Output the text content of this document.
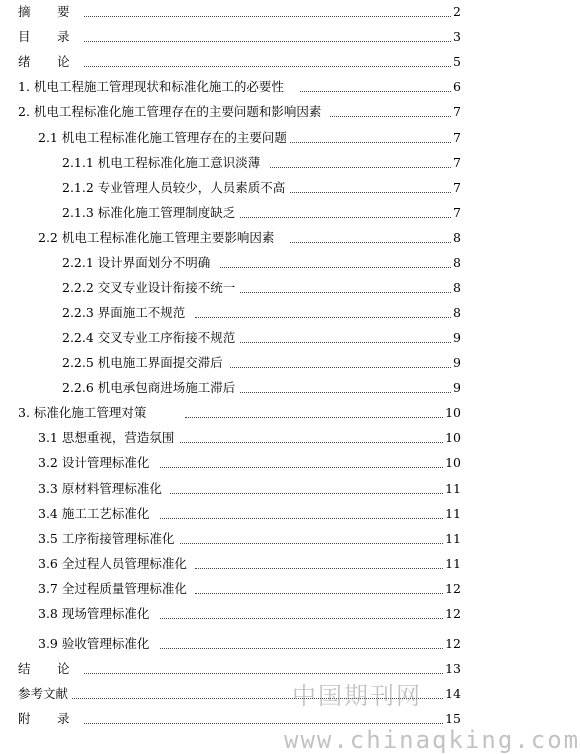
摘 要	2
目 录	3
绪 论	5
1. 机电工程施工管理现状和标准化施工的必要性	6
2. 机电工程标准化施工管理存在的主要问题和影响因素	7
2.1 机电工程标准化施工管理存在的主要问题	7
2.1.1 机电工程标准化施工意识淡薄	7
2.1.2 专业管理人员较少，人员素质不高	7
2.1.3 标准化施工管理制度缺乏	7
2.2 机电工程标准化施工管理主要影响因素	8
2.2.1 设计界面划分不明确	8
2.2.2 交叉专业设计衔接不统一	8
2.2.3 界面施工不规范	8
2.2.4 交叉专业工序衔接不规范	9
2.2.5 机电施工界面提交滞后	9
2.2.6 机电承包商进场施工滞后	9
3. 标准化施工管理对策	10
3.1 思想重视，营造氛围	10
3.2 设计管理标准化	10
3.3 原材料管理标准化	11
3.4 施工工艺标准化	11
3.5 工序衔接管理标准化	11
3.6 全过程人员管理标准化	11
3.7 全过程质量管理标准化	12
3.8 现场管理标准化	12
3.9 验收管理标准化	12
结 论	13
参考文献	14
附 录	15
中国期刊网
www.chinaqking.com
